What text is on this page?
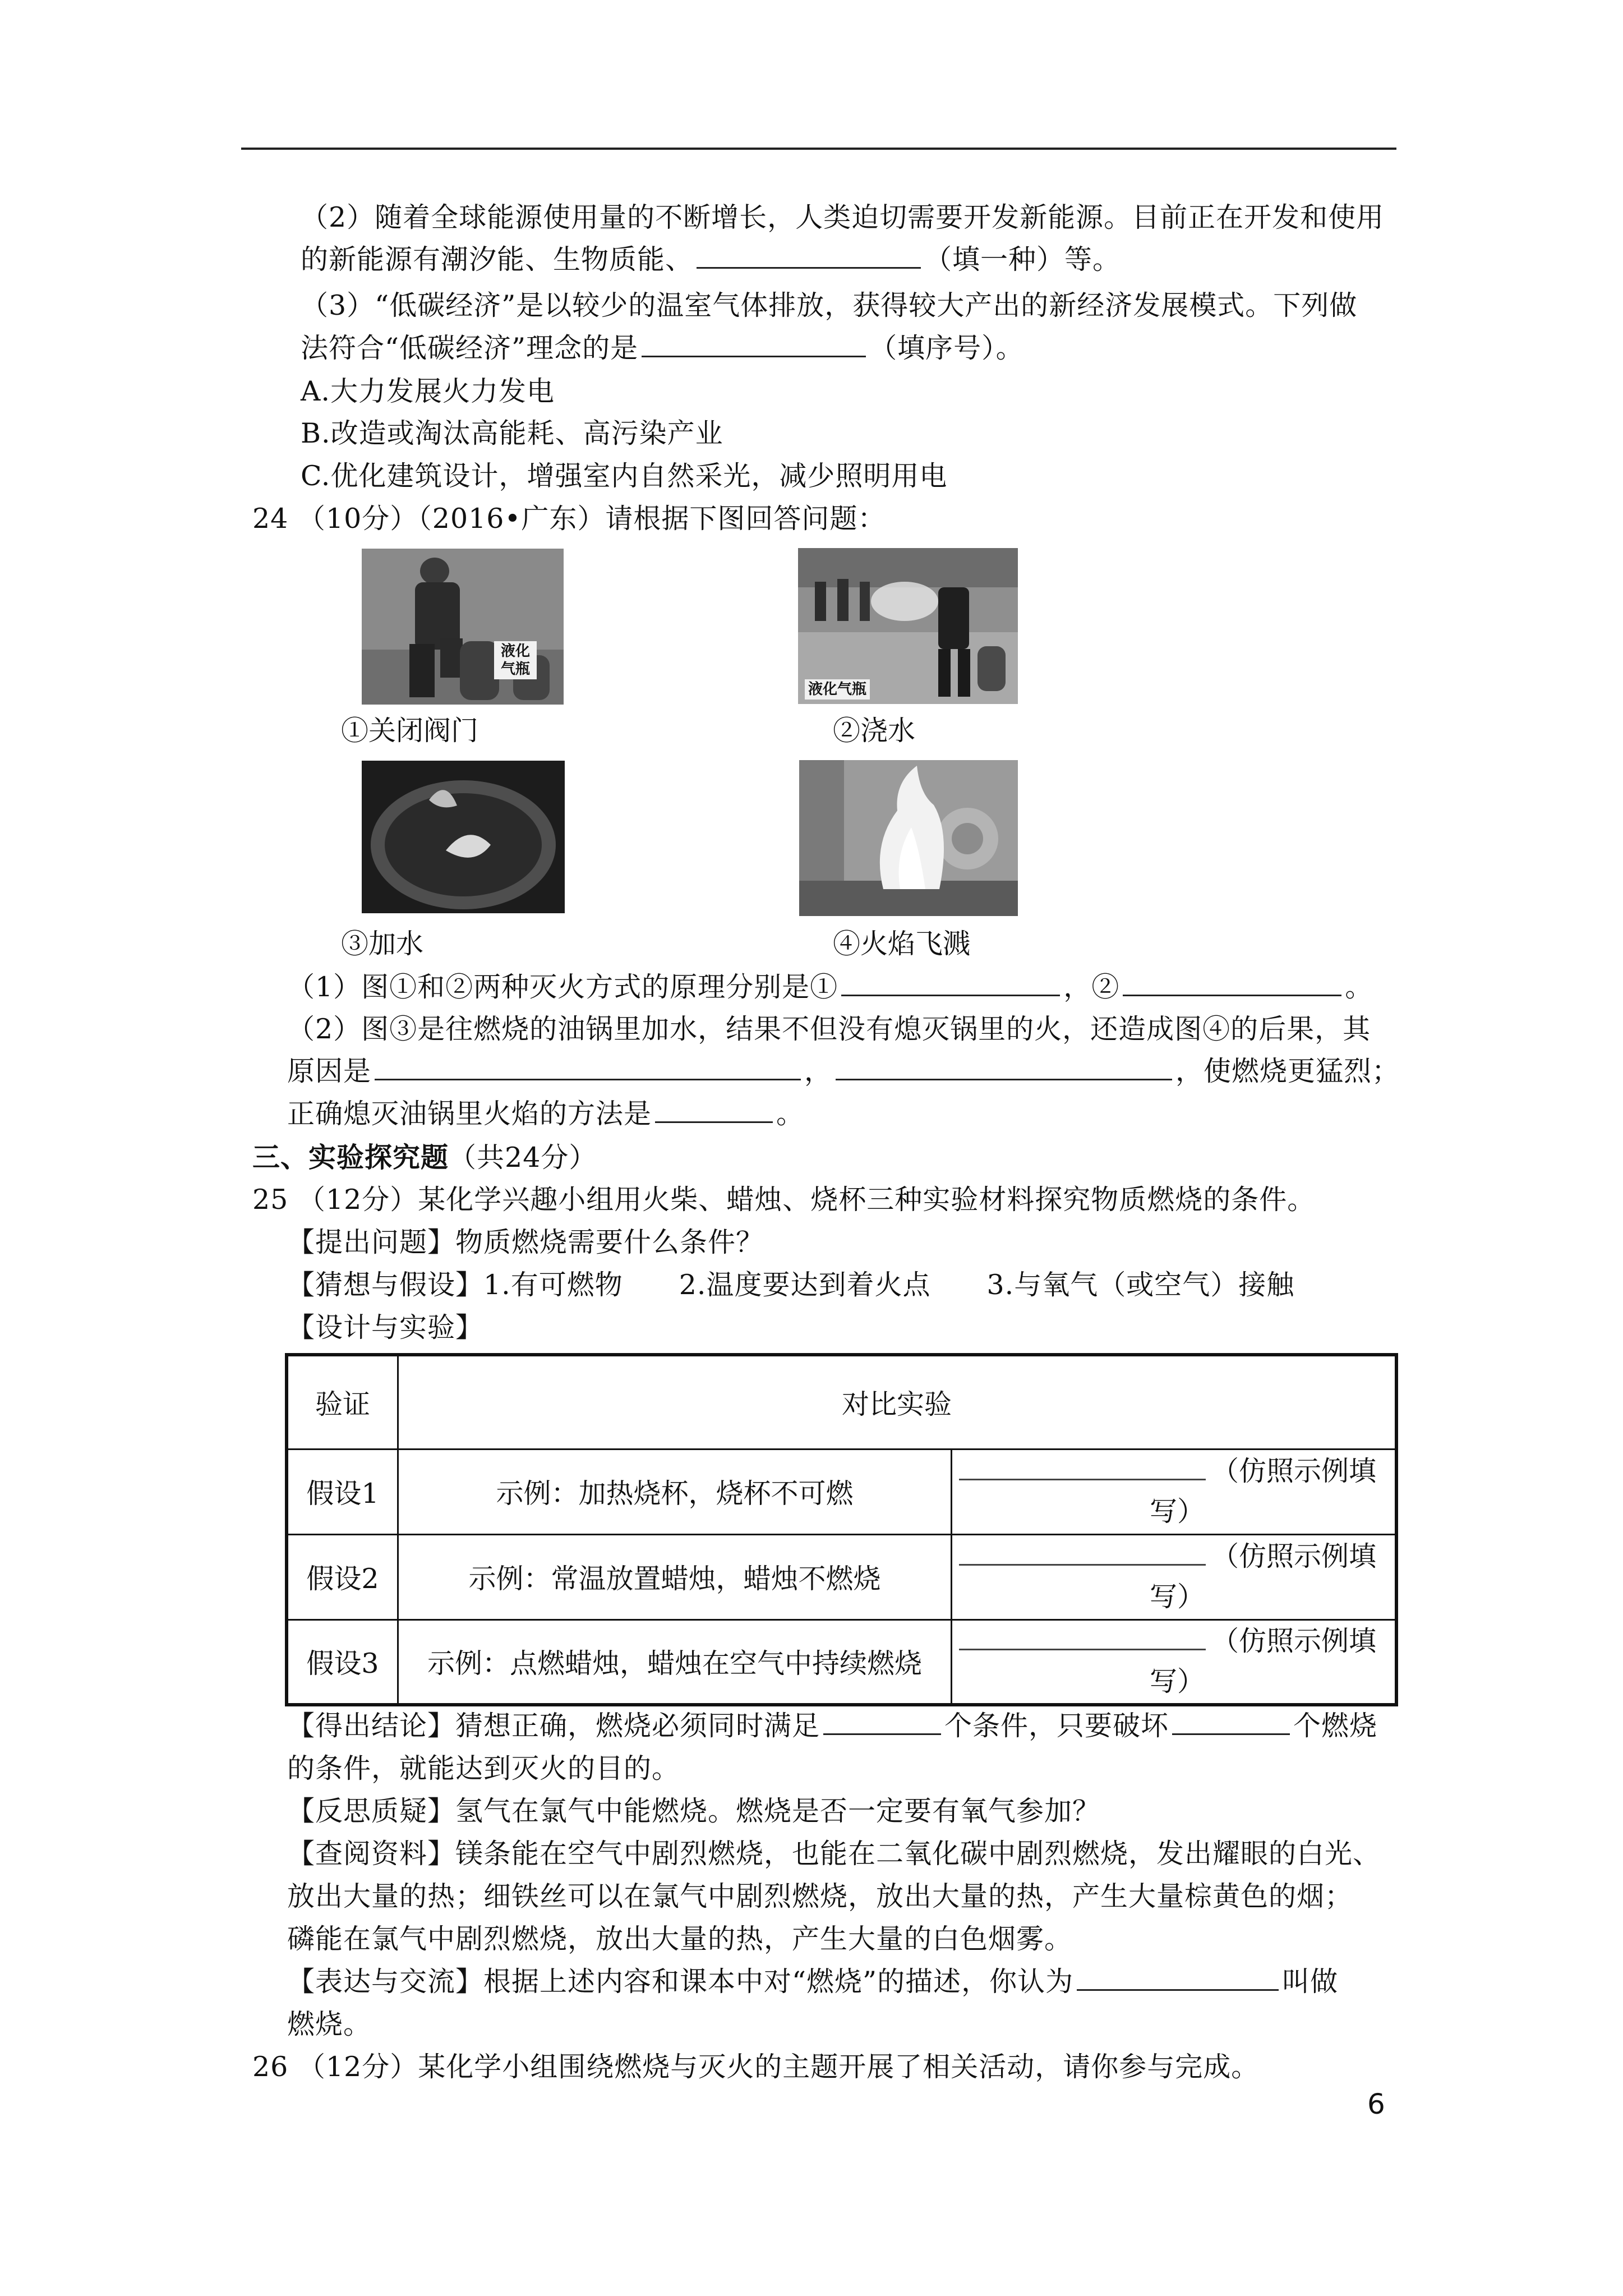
（2）随着全球能源使用量的不断增长，人类迫切需要开发新能源。目前正在开发和使用
的新能源有潮汐能、生物质能、	（填一种）等。
（3）“低碳经济”是以较少的温室气体排放，获得较大产出的新经济发展模式。下列做
法符合“低碳经济”理念的是	（填序号）。
A.大力发展火力发电
B.改造或淘汰高能耗、高污染产业
C.优化建筑设计，增强室内自然采光，减少照明用电
24 （10分）（2016•广东）请根据下图回答问题：
液化气瓶
①关闭阀门
液化气瓶
②浇水
③加水	④火焰飞溅
（1）图①和②两种灭火方式的原理分别是①	，②	。
（2）图③是往燃烧的油锅里加水，结果不但没有熄灭锅里的火，还造成图④的后果，其
原因是	，	，使燃烧更猛烈；
正确熄灭油锅里火焰的方法是	。
三、实验探究题（共24分）
25 （12分）某化学兴趣小组用火柴、蜡烛、烧杯三种实验材料探究物质燃烧的条件。
【提出问题】物质燃烧需要什么条件？
【猜想与假设】1.有可燃物　　2.温度要达到着火点　　3.与氧气（或空气）接触
【设计与实验】
验证	对比实验	
假设1	示例：加热烧杯，烧杯不可燃	（仿照示例填
写）
假设2	示例：常温放置蜡烛，蜡烛不燃烧	（仿照示例填
写）
假设3	示例：点燃蜡烛，蜡烛在空气中持续燃烧	（仿照示例填
写）
【得出结论】猜想正确，燃烧必须同时满足	个条件，只要破坏	个燃烧
的条件，就能达到灭火的目的。
【反思质疑】氢气在氯气中能燃烧。燃烧是否一定要有氧气参加？
【查阅资料】镁条能在空气中剧烈燃烧，也能在二氧化碳中剧烈燃烧，发出耀眼的白光、
放出大量的热；细铁丝可以在氯气中剧烈燃烧，放出大量的热，产生大量棕黄色的烟；
磷能在氯气中剧烈燃烧，放出大量的热，产生大量的白色烟雾。
【表达与交流】根据上述内容和课本中对“燃烧”的描述，你认为	叫做
燃烧。
26 （12分）某化学小组围绕燃烧与灭火的主题开展了相关活动，请你参与完成。
6
